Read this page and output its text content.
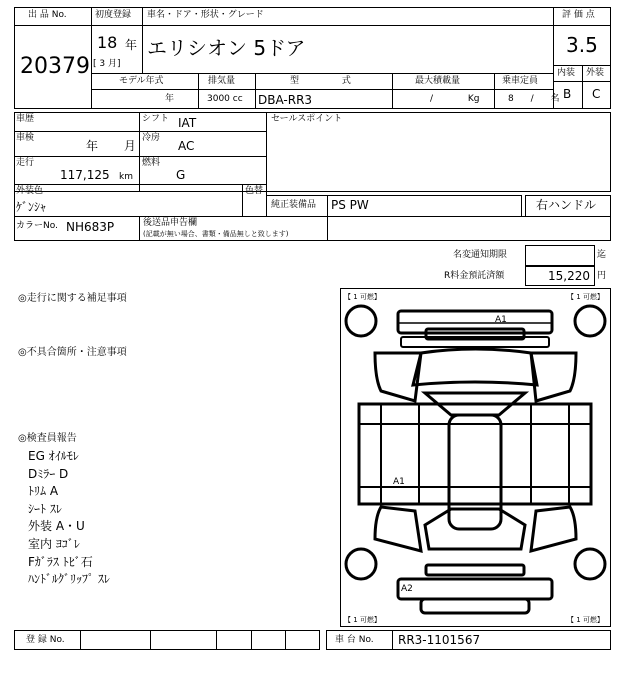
出 品 No.
20379
初度登録
18 年
[ 3 月]
車名・ドア・形状・グレード
エリシオン 5ドア
評 価 点
3.5
内装 外装
B C
モデル年式
年
排気量
3000 cc
型 式
DBA-RR3
最大積載量
/ Kg
乗車定員
8 / 名
車歴	シフト IAT
車検
年 月
冷房
AC
走行
117,125 km
燃料
G
セールスポイント
外装色
ｹﾞﾝｼｬ
色替
純正装備品 PS PW	右ハンドル
カラーNo. NH683P	後送品申告欄
(記載が無い場合、書類・備品無しと致します)
名変通知期限	迄
R料金預託済額	15,220 円
◎走行に関する補足事項
◎不具合箇所・注意事項
◎検査員報告
EG ｵｲﾙﾓﾚ
Dﾐﾗｰ D
ﾄﾘﾑ A
ｼｰﾄ ｽﾚ
外装 A・U
室内 ﾖｺﾞﾚ
Fｶﾞﾗｽ ﾄﾋﾞ石
ﾊﾝﾄﾞﾙｸﾞﾘｯﾌﾟ ｽﾚ
【 1 可燃】	【 1 可燃】
【 1 可燃】	【 1 可燃】
A1
A1
A2
登 録 No.	車 台 No. RR3-1101567
